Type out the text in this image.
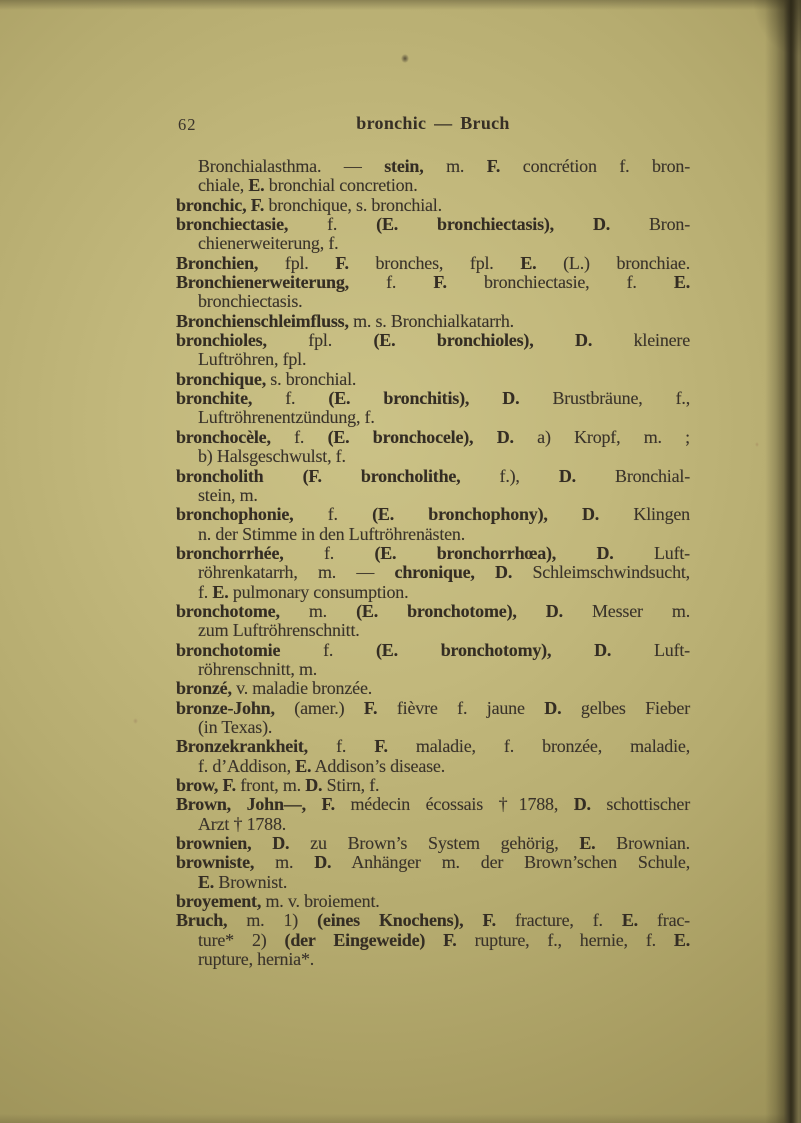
62	bronchic — Bruch
Bronchialasthma. — stein, m. F. concrétion f. bron-
chiale, E. bronchial concretion.
bronchic, F. bronchique, s. bronchial.
bronchiectasie, f. (E. bronchiectasis), D. Bron-
chienerweiterung, f.
Bronchien, fpl. F. bronches, fpl. E. (L.) bronchiae.
Bronchienerweiterung, f. F. bronchiectasie, f. E.
bronchiectasis.
Bronchienschleimfluss, m. s. Bronchialkatarrh.
bronchioles, fpl. (E. bronchioles), D. kleinere
Luftröhren, fpl.
bronchique, s. bronchial.
bronchite, f. (E. bronchitis), D. Brustbräune, f.,
Luftröhrenentzündung, f.
bronchocèle, f. (E. bronchocele), D. a) Kropf, m. ;
b) Halsgeschwulst, f.
broncholith (F. broncholithe, f.), D. Bronchial-
stein, m.
bronchophonie, f. (E. bronchophony), D. Klingen
n. der Stimme in den Luftröhrenästen.
bronchorrhée, f. (E. bronchorrhœa), D. Luft-
röhrenkatarrh, m. — chronique, D. Schleimschwindsucht,
f. E. pulmonary consumption.
bronchotome, m. (E. bronchotome), D. Messer m.
zum Luftröhrenschnitt.
bronchotomie f. (E. bronchotomy), D. Luft-
röhrenschnitt, m.
bronzé, v. maladie bronzée.
bronze-John, (amer.) F. fièvre f. jaune D. gelbes Fieber
(in Texas).
Bronzekrankheit, f. F. maladie, f. bronzée, maladie,
f. d’Addison, E. Addison’s disease.
brow, F. front, m. D. Stirn, f.
Brown, John—, F. médecin écossais †1788, D. schottischer
Arzt † 1788.
brownien, D. zu Brown’s System gehörig, E. Brownian.
browniste, m. D. Anhänger m. der Brown’schen Schule,
E. Brownist.
broyement, m. v. broiement.
Bruch, m. 1) (eines Knochens), F. fracture, f. E. frac-
ture* 2) (der Eingeweide) F. rupture, f., hernie, f. E.
rupture, hernia*.
